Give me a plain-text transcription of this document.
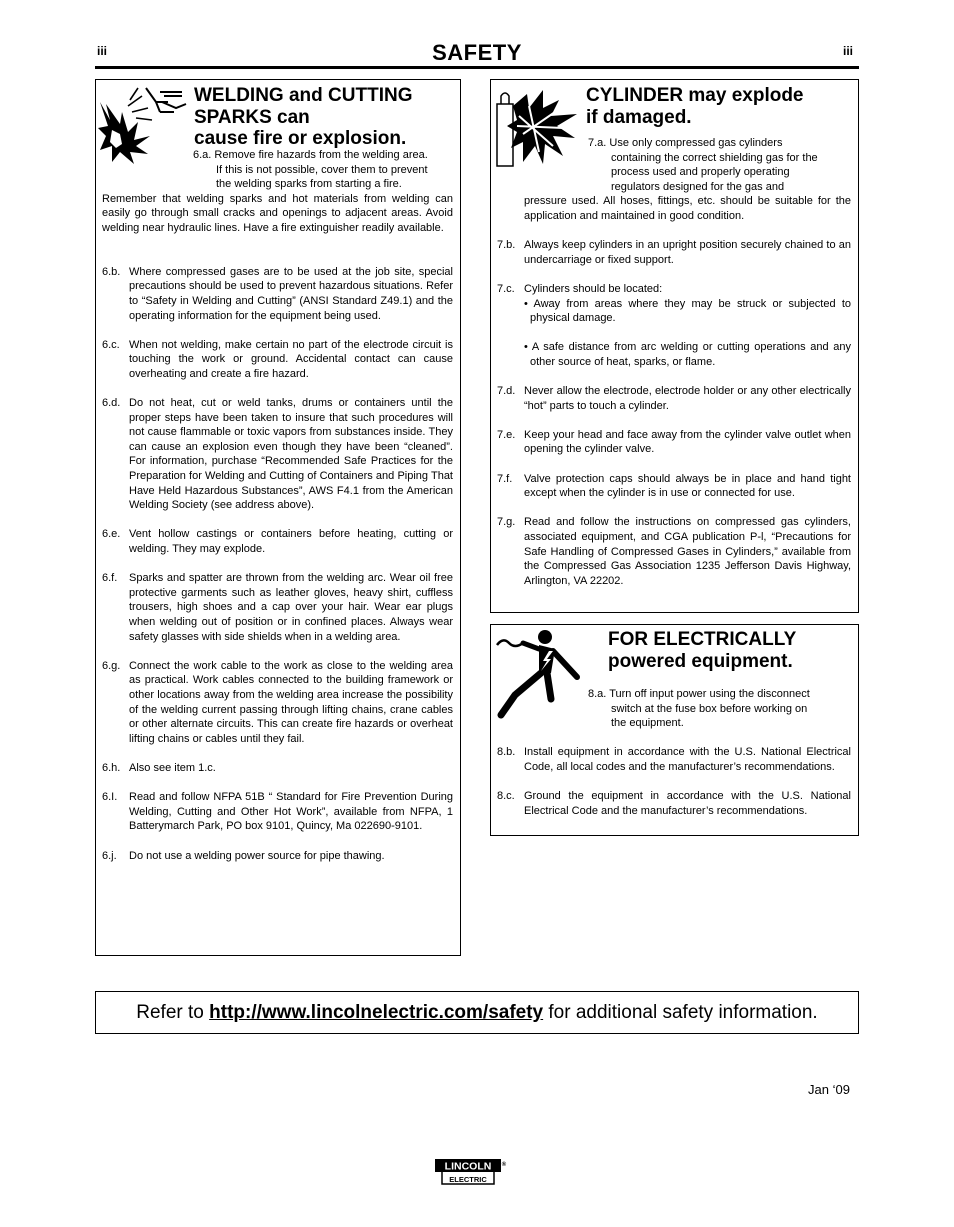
iii	SAFETY	iii
WELDING and CUTTING
SPARKS can
cause fire or explosion.
6.a. Remove fire hazards from the welding area.
If this is not possible, cover them to prevent
the welding sparks from starting a fire.
Remember that welding sparks and hot materials from welding can easily go through small cracks and openings to adjacent areas. Avoid welding near hydraulic lines. Have a fire extinguisher readily available.
6.b. Where compressed gases are to be used at the job site, special precautions should be used to prevent hazardous situations. Refer to “Safety in Welding and Cutting” (ANSI Standard Z49.1) and the operating information for the equipment being used.
6.c. When not welding, make certain no part of the electrode circuit is touching the work or ground. Accidental contact can cause overheating and create a fire hazard.
6.d. Do not heat, cut or weld tanks, drums or containers until the proper steps have been taken to insure that such procedures will not cause flammable or toxic vapors from substances inside. They can cause an explosion even though they have been “cleaned”. For information, purchase “Recommended Safe Practices for the Preparation for Welding and Cutting of Containers and Piping That Have Held Hazardous Substances”, AWS F4.1 from the American Welding Society (see address above).
6.e. Vent hollow castings or containers before heating, cutting or welding. They may explode.
6.f. Sparks and spatter are thrown from the welding arc. Wear oil free protective garments such as leather gloves, heavy shirt, cuffless trousers, high shoes and a cap over your hair. Wear ear plugs when welding out of position or in confined places. Always wear safety glasses with side shields when in a welding area.
6.g. Connect the work cable to the work as close to the welding area as practical. Work cables connected to the building framework or other locations away from the welding area increase the possibility of the welding current passing through lifting chains, crane cables or other alternate circuits. This can create fire hazards or overheat lifting chains or cables until they fail.
6.h. Also see item 1.c.
6.I. Read and follow NFPA 51B “ Standard for Fire Prevention During Welding, Cutting and Other Hot Work”, available from NFPA, 1 Batterymarch Park, PO box 9101, Quincy, Ma 022690-9101.
6.j. Do not use a welding power source for pipe thawing.
CYLINDER may explode
if damaged.
7.a. Use only compressed gas cylinders
containing the correct shielding gas for the
process used and properly operating
regulators designed for the gas and
pressure used. All hoses, fittings, etc. should be suitable for the application and maintained in good condition.
7.b. Always keep cylinders in an upright position securely chained to an undercarriage or fixed support.
7.c. Cylinders should be located:
• Away from areas where they may be struck or subjected to physical damage.
• A safe distance from arc welding or cutting operations and any other source of heat, sparks, or flame.
7.d. Never allow the electrode, electrode holder or any other electrically “hot” parts to touch a cylinder.
7.e. Keep your head and face away from the cylinder valve outlet when opening the cylinder valve.
7.f. Valve protection caps should always be in place and hand tight except when the cylinder is in use or connected for use.
7.g. Read and follow the instructions on compressed gas cylinders, associated equipment, and CGA publication P-l, “Precautions for Safe Handling of Compressed Gases in Cylinders,” available from the Compressed Gas Association 1235 Jefferson Davis Highway, Arlington, VA 22202.
FOR ELECTRICALLY
powered equipment.
8.a. Turn off input power using the disconnect
switch at the fuse box before working on
the equipment.
8.b. Install equipment in accordance with the U.S. National Electrical Code, all local codes and the manufacturer’s recommendations.
8.c. Ground the equipment in accordance with the U.S. National Electrical Code and the manufacturer’s recommendations.
Refer to http://www.lincolnelectric.com/safety for additional safety information.
Jan ‘09
LINCOLN ®
ELECTRIC
